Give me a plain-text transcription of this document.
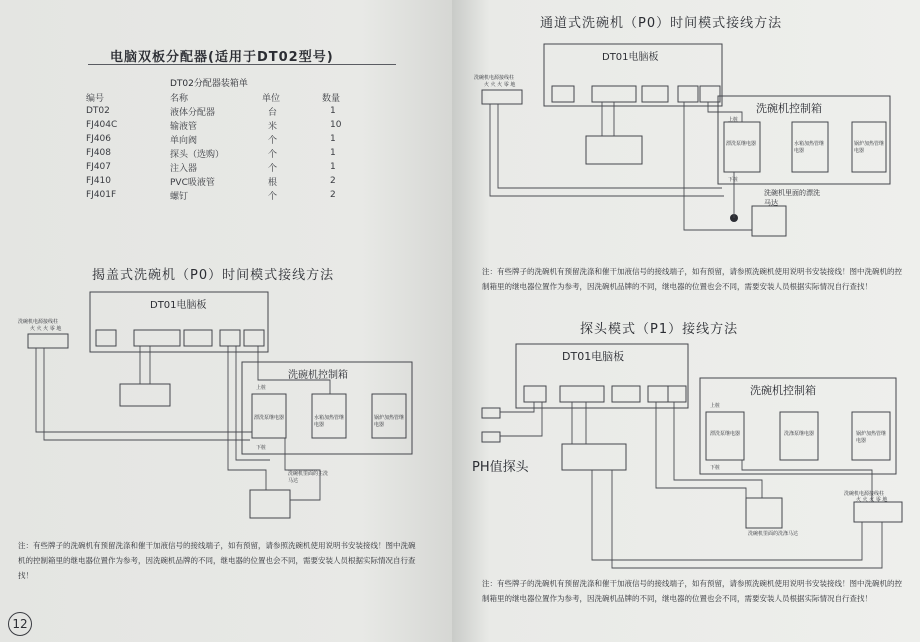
电脑双板分配器(适用于DT02型号)
DT02分配器装箱单
编号	名称	单位	数量
DT02	液体分配器	台	1
FJ404C	输液管	米	10
FJ406	单向阀	个	1
FJ408	探头（选购）	个	1
FJ407	注入器	个	1
FJ410	PVC吸液管	根	2
FJ401F	螺钉	个	2
揭盖式洗碗机（P0）时间模式接线方法
DT01电脑板
洗碗机电源接线柱
火 火 火 零 地
洗碗机控制箱
上桩
下桩
漂洗泵继电器	水箱加热管继电器
锅炉加热管继电器
洗碗机里面的主洗马达
注：有些牌子的洗碗机有预留洗涤和催干加液信号的接线端子，如有预留，请参照洗碗机使用说明书安装接线！图中洗碗机的控制箱里的继电器位置作为参考，因洗碗机品牌的不同，继电器的位置也会不同，需要安装人员根据实际情况自行查找！
12
通道式洗碗机（P0）时间模式接线方法
DT01电脑板
洗碗机电源接线柱
火 火 火 零 地
洗碗机控制箱
上桩
下桩
漂洗泵继电器	水箱加热管继电器
锅炉加热管继电器
洗碗机里面的漂洗马达
注：有些牌子的洗碗机有预留洗涤和催干加液信号的接线端子，如有预留，请参照洗碗机使用说明书安装接线！图中洗碗机的控制箱里的继电器位置作为参考，因洗碗机品牌的不同，继电器的位置也会不同，需要安装人员根据实际情况自行查找！
探头模式（P1）接线方法
DT01电脑板
洗碗机控制箱
上桩
下桩
漂洗泵继电器	洗涤泵继电器	锅炉加热管继电器
PH值探头
洗碗机里面的洗涤马达
洗碗机电源接线柱
火 火 火 零 地
注：有些牌子的洗碗机有预留洗涤和催干加液信号的接线端子，如有预留，请参照洗碗机使用说明书安装接线！图中洗碗机的控制箱里的继电器位置作为参考，因洗碗机品牌的不同，继电器的位置也会不同，需要安装人员根据实际情况自行查找！
